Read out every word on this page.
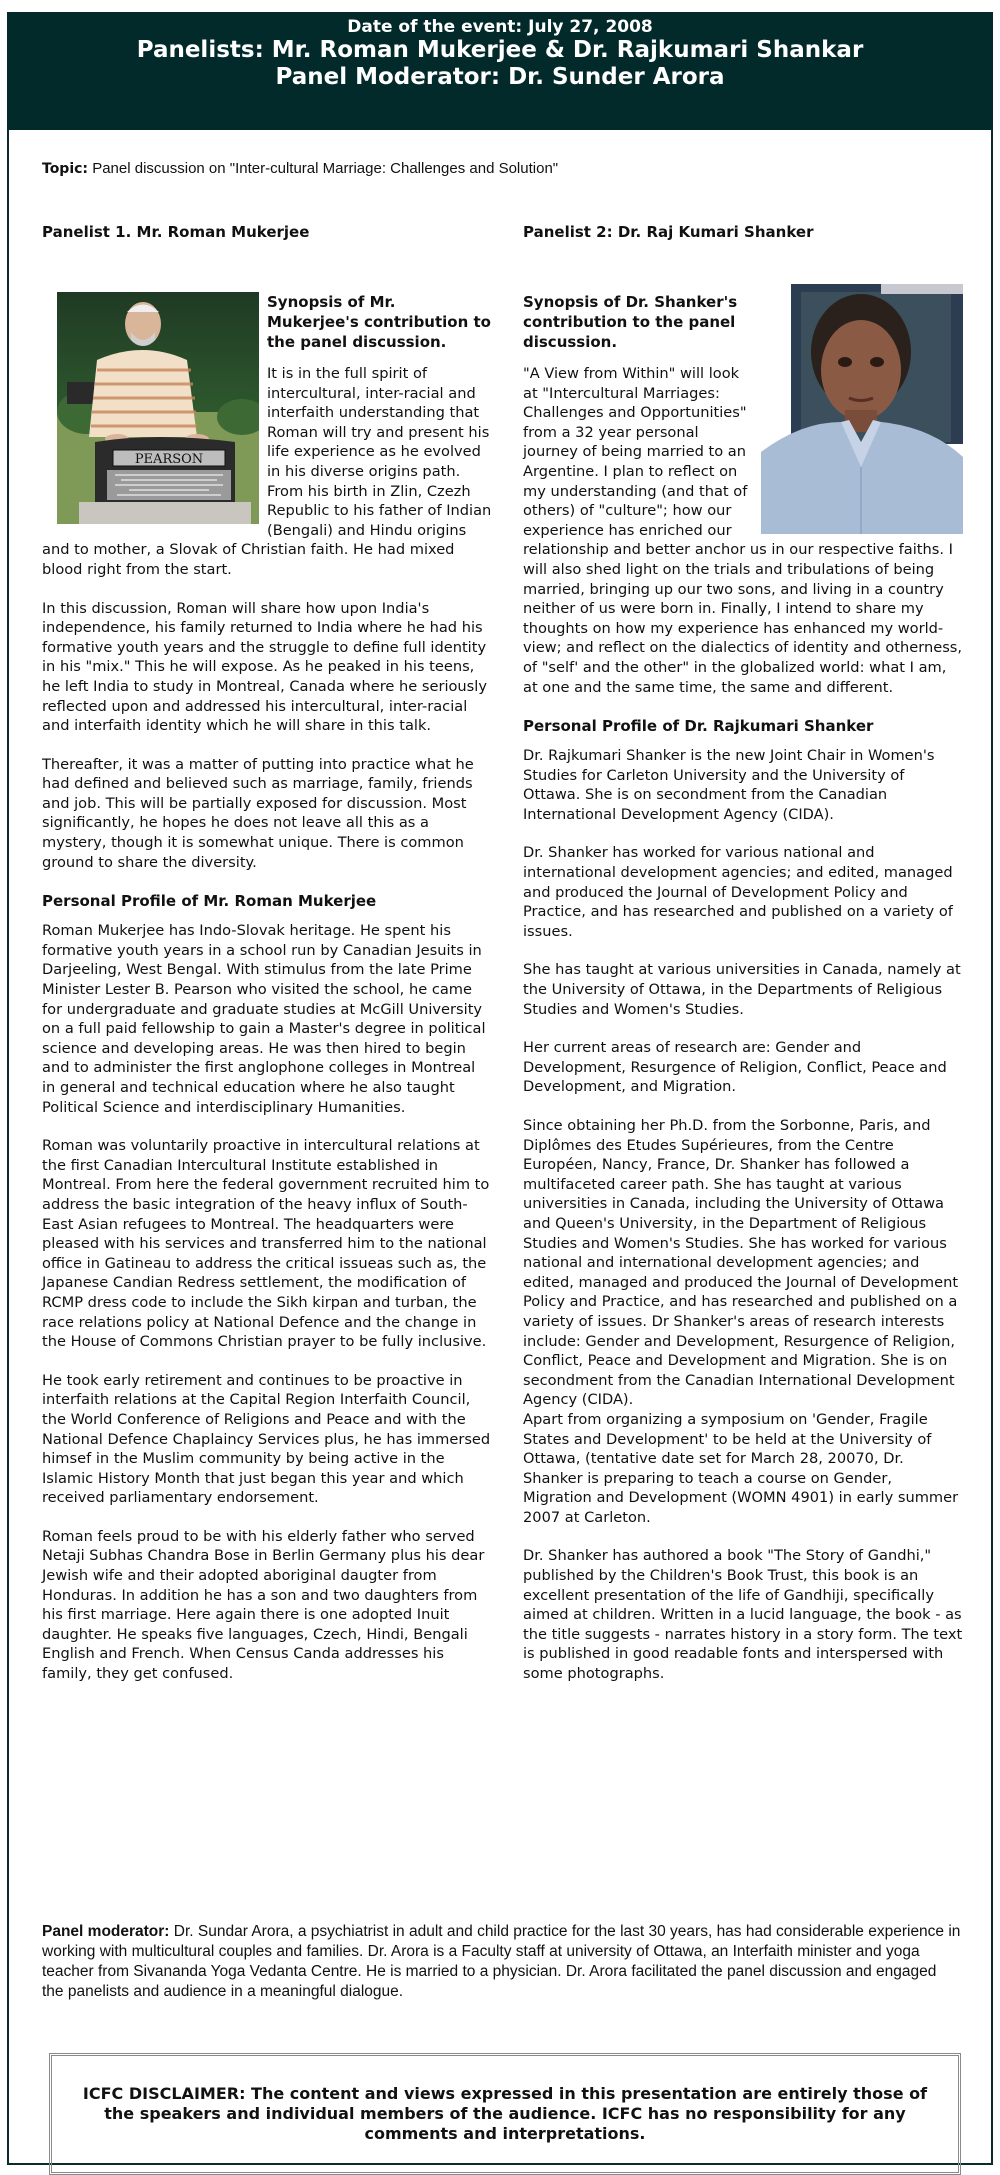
Date of the event: July 27, 2008
Panelists: Mr. Roman Mukerjee & Dr. Rajkumari Shankar
Panel Moderator: Dr. Sunder Arora
Topic: Panel discussion on "Inter-cultural Marriage: Challenges and Solution"
Panelist 1. Mr. Roman Mukerjee
PEARSON
Synopsis of Mr. Mukerjee's contribution to the panel discussion.

It is in the full spirit of intercultural, inter-racial and interfaith understanding that Roman will try and present his life experience as he evolved in his diverse origins path. From his birth in Zlin, Czezh Republic to his father of Indian (Bengali) and Hindu origins and to mother, a Slovak of Christian faith. He had mixed blood right from the start.

In this discussion, Roman will share how upon India's independence, his family returned to India where he had his formative youth years and the struggle to define full identity in his "mix." This he will expose. As he peaked in his teens, he left India to study in Montreal, Canada where he seriously reflected upon and addressed his intercultural, inter-racial and interfaith identity which he will share in this talk.

Thereafter, it was a matter of putting into practice what he had defined and believed such as marriage, family, friends and job. This will be partially exposed for discussion. Most significantly, he hopes he does not leave all this as a mystery, though it is somewhat unique. There is common ground to share the diversity.

Personal Profile of Mr. Roman Mukerjee

Roman Mukerjee has Indo-Slovak heritage. He spent his formative youth years in a school run by Canadian Jesuits in Darjeeling, West Bengal. With stimulus from the late Prime Minister Lester B. Pearson who visited the school, he came for undergraduate and graduate studies at McGill University on a full paid fellowship to gain a Master's degree in political science and developing areas. He was then hired to begin and to administer the first anglophone colleges in Montreal in general and technical education where he also taught Political Science and interdisciplinary Humanities.

Roman was voluntarily proactive in intercultural relations at the first Canadian Intercultural Institute established in Montreal. From here the federal government recruited him to address the basic integration of the heavy influx of South-East Asian refugees to Montreal. The headquarters were pleased with his services and transferred him to the national office in Gatineau to address the critical issueas such as, the Japanese Candian Redress settlement, the modification of RCMP dress code to include the Sikh kirpan and turban, the race relations policy at National Defence and the change in the House of Commons Christian prayer to be fully inclusive.

He took early retirement and continues to be proactive in interfaith relations at the Capital Region Interfaith Council, the World Conference of Religions and Peace and with the National Defence Chaplaincy Services plus, he has immersed himsef in the Muslim community by being active in the Islamic History Month that just began this year and which received parliamentary endorsement.

Roman feels proud to be with his elderly father who served Netaji Subhas Chandra Bose in Berlin Germany plus his dear Jewish wife and their adopted aboriginal daugter from Honduras. In addition he has a son and two daughters from his first marriage. Here again there is one adopted Inuit daughter. He speaks five languages, Czech, Hindi, Bengali English and French. When Census Canda addresses his family, they get confused.

Panelist 2: Dr. Raj Kumari Shanker
Synopsis of Dr. Shanker's contribution to the panel discussion.

"A View from Within" will look at "Intercultural Marriages: Challenges and Opportunities" from a 32 year personal journey of being married to an Argentine. I plan to reflect on my understanding (and that of others) of "culture"; how our experience has enriched our relationship and better anchor us in our respective faiths. I will also shed light on the trials and tribulations of being married, bringing up our two sons, and living in a country neither of us were born in. Finally, I intend to share my thoughts on how my experience has enhanced my world-view; and reflect on the dialectics of identity and otherness, of "self' and the other" in the globalized world: what I am, at one and the same time, the same and different.

Personal Profile of Dr. Rajkumari Shanker

Dr. Rajkumari Shanker is the new Joint Chair in Women's Studies for Carleton University and the University of Ottawa. She is on secondment from the Canadian International Development Agency (CIDA).

Dr. Shanker has worked for various national and international development agencies; and edited, managed and produced the Journal of Development Policy and Practice, and has researched and published on a variety of issues.

She has taught at various universities in Canada, namely at the University of Ottawa, in the Departments of Religious Studies and Women's Studies.

Her current areas of research are: Gender and Development, Resurgence of Religion, Conflict, Peace and Development, and Migration.

Since obtaining her Ph.D. from the Sorbonne, Paris, and Diplômes des Etudes Supérieures, from the Centre Européen, Nancy, France, Dr. Shanker has followed a multifaceted career path. She has taught at various universities in Canada, including the University of Ottawa and Queen's University, in the Department of Religious Studies and Women's Studies. She has worked for various national and international development agencies; and edited, managed and produced the Journal of Development Policy and Practice, and has researched and published on a variety of issues. Dr Shanker's areas of research interests include: Gender and Development, Resurgence of Religion, Conflict, Peace and Development and Migration. She is on secondment from the Canadian International Development Agency (CIDA).

Apart from organizing a symposium on 'Gender, Fragile States and Development' to be held at the University of Ottawa, (tentative date set for March 28, 20070, Dr. Shanker is preparing to teach a course on Gender, Migration and Development (WOMN 4901) in early summer 2007 at Carleton.

Dr. Shanker has authored a book "The Story of Gandhi," published by the Children's Book Trust, this book is an excellent presentation of the life of Gandhiji, specifically aimed at children. Written in a lucid language, the book - as the title suggests - narrates history in a story form. The text is published in good readable fonts and interspersed with some photographs.

Panel moderator: Dr. Sundar Arora, a psychiatrist in adult and child practice for the last 30 years, has had considerable experience in working with multicultural couples and families. Dr. Arora is a Faculty staff at university of Ottawa, an Interfaith minister and yoga teacher from Sivananda Yoga Vedanta Centre. He is married to a physician. Dr. Arora facilitated the panel discussion and engaged the panelists and audience in a meaningful dialogue.
ICFC DISCLAIMER: The content and views expressed in this presentation are entirely those of the speakers and individual members of the audience. ICFC has no responsibility for any comments and interpretations.
